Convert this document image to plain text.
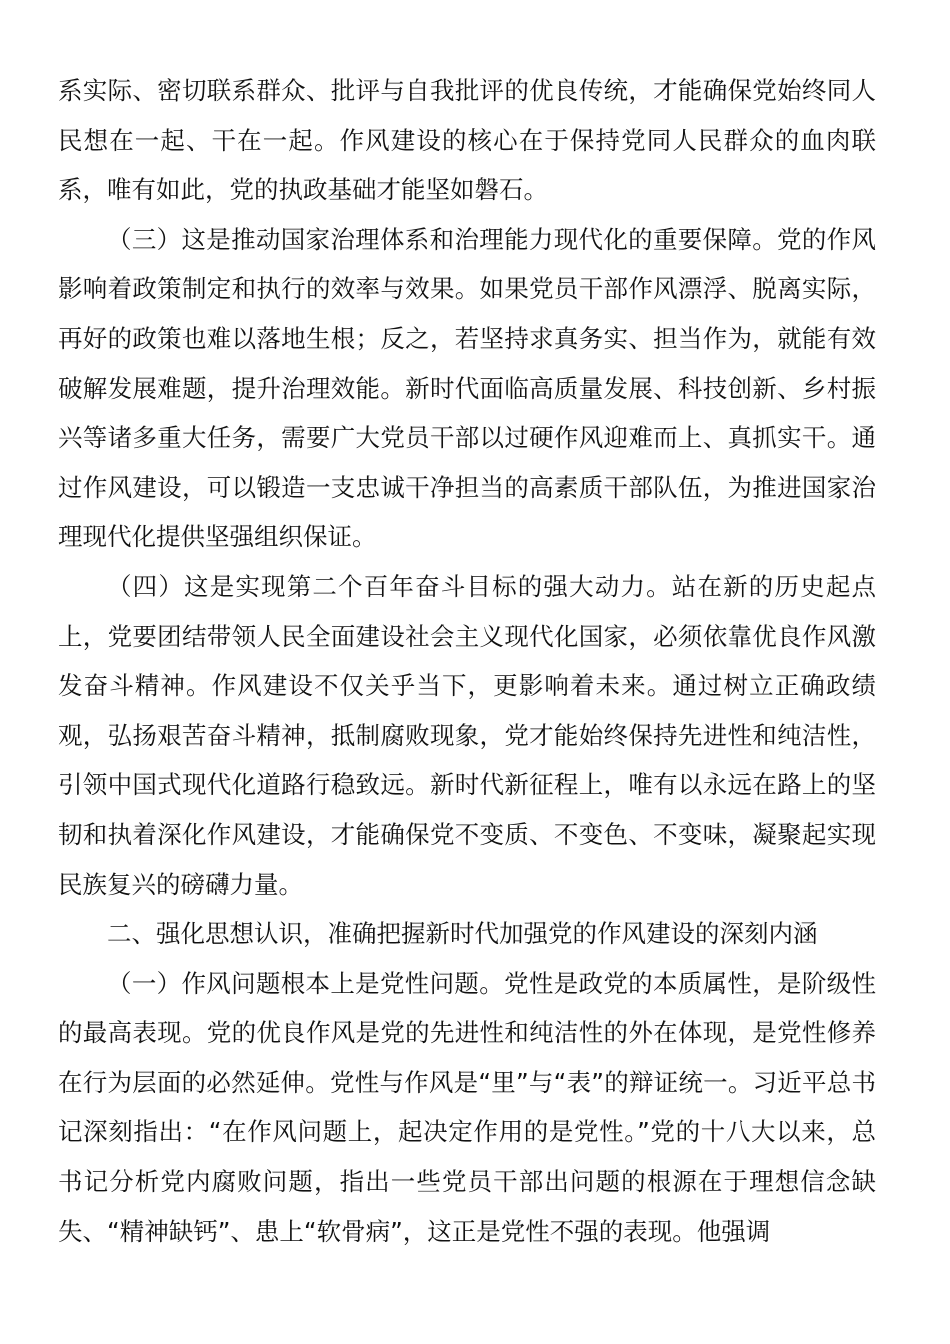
系实际、密切联系群众、批评与自我批评的优良传统，才能确保党始终同人民想在一起、干在一起。作风建设的核心在于保持党同人民群众的血肉联系，唯有如此，党的执政基础才能坚如磐石。

（三）这是推动国家治理体系和治理能力现代化的重要保障。党的作风影响着政策制定和执行的效率与效果。如果党员干部作风漂浮、脱离实际，再好的政策也难以落地生根；反之，若坚持求真务实、担当作为，就能有效破解发展难题，提升治理效能。新时代面临高质量发展、科技创新、乡村振兴等诸多重大任务，需要广大党员干部以过硬作风迎难而上、真抓实干。通过作风建设，可以锻造一支忠诚干净担当的高素质干部队伍，为推进国家治理现代化提供坚强组织保证。

（四）这是实现第二个百年奋斗目标的强大动力。站在新的历史起点上，党要团结带领人民全面建设社会主义现代化国家，必须依靠优良作风激发奋斗精神。作风建设不仅关乎当下，更影响着未来。通过树立正确政绩观，弘扬艰苦奋斗精神，抵制腐败现象，党才能始终保持先进性和纯洁性，引领中国式现代化道路行稳致远。新时代新征程上，唯有以永远在路上的坚韧和执着深化作风建设，才能确保党不变质、不变色、不变味，凝聚起实现民族复兴的磅礴力量。

二、强化思想认识，准确把握新时代加强党的作风建设的深刻内涵

（一）作风问题根本上是党性问题。党性是政党的本质属性，是阶级性的最高表现。党的优良作风是党的先进性和纯洁性的外在体现，是党性修养在行为层面的必然延伸。党性与作风是“里”与“表”的辩证统一。习近平总书记深刻指出：“在作风问题上，起决定作用的是党性。”党的十八大以来，总书记分析党内腐败问题，指出一些党员干部出问题的根源在于理想信念缺失、“精神缺钙”、患上“软骨病”，这正是党性不强的表现。他强调
